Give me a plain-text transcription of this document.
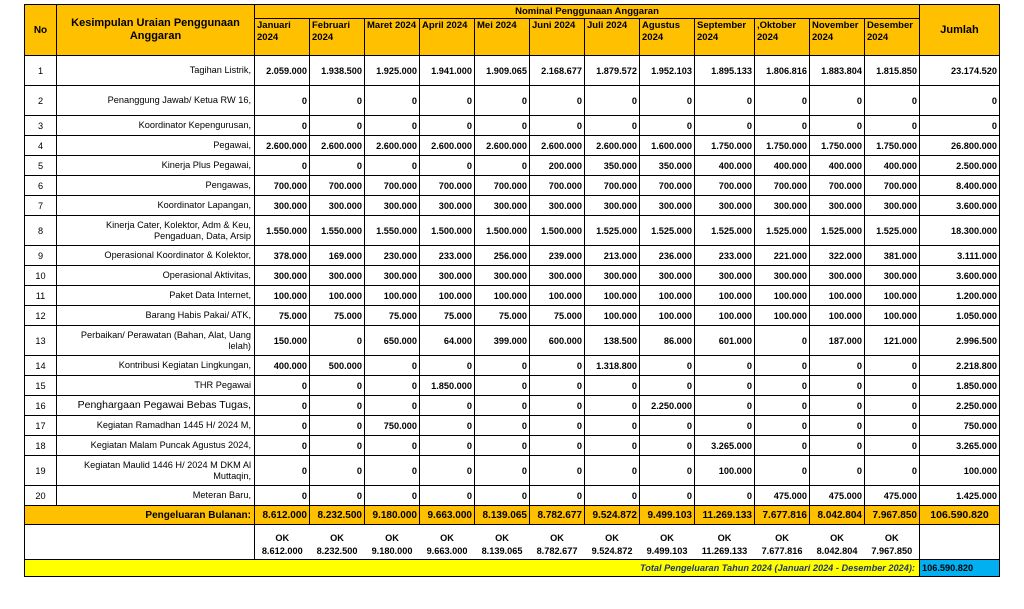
No	Kesimpulan Uraian Penggunaan Anggaran	Nominal Penggunaan Anggaran												Jumlah
		Januari 2024	Februari 2024	Maret 2024	April 2024	Mei 2024	Juni 2024	Juli 2024	Agustus 2024	September 2024	,Oktober 2024	November 2024	Desember 2024	
1	Tagihan Listrik,	2.059.000	1.938.500	1.925.000	1.941.000	1.909.065	2.168.677	1.879.572	1.952.103	1.895.133	1.806.816	1.883.804	1.815.850	23.174.520
2	Penanggung Jawab/ Ketua RW 16,	0	0	0	0	0	0	0	0	0	0	0	0	0
3	Koordinator Kepengurusan,	0	0	0	0	0	0	0	0	0	0	0	0	0
4	Pegawai,	2.600.000	2.600.000	2.600.000	2.600.000	2.600.000	2.600.000	2.600.000	1.600.000	1.750.000	1.750.000	1.750.000	1.750.000	26.800.000
5	Kinerja Plus Pegawai,	0	0	0	0	0	200.000	350.000	350.000	400.000	400.000	400.000	400.000	2.500.000
6	Pengawas,	700.000	700.000	700.000	700.000	700.000	700.000	700.000	700.000	700.000	700.000	700.000	700.000	8.400.000
7	Koordinator Lapangan,	300.000	300.000	300.000	300.000	300.000	300.000	300.000	300.000	300.000	300.000	300.000	300.000	3.600.000
8	Kinerja Cater, Kolektor, Adm & Keu, Pengaduan, Data, Arsip	1.550.000	1.550.000	1.550.000	1.500.000	1.500.000	1.500.000	1.525.000	1.525.000	1.525.000	1.525.000	1.525.000	1.525.000	18.300.000
9	Operasional Koordinator & Kolektor,	378.000	169.000	230.000	233.000	256.000	239.000	213.000	236.000	233.000	221.000	322.000	381.000	3.111.000
10	Operasional Aktivitas,	300.000	300.000	300.000	300.000	300.000	300.000	300.000	300.000	300.000	300.000	300.000	300.000	3.600.000
11	Paket Data Internet,	100.000	100.000	100.000	100.000	100.000	100.000	100.000	100.000	100.000	100.000	100.000	100.000	1.200.000
12	Barang Habis Pakai/ ATK,	75.000	75.000	75.000	75.000	75.000	75.000	100.000	100.000	100.000	100.000	100.000	100.000	1.050.000
13	Perbaikan/ Perawatan (Bahan, Alat, Uang lelah)	150.000	0	650.000	64.000	399.000	600.000	138.500	86.000	601.000	0	187.000	121.000	2.996.500
14	Kontribusi Kegiatan Lingkungan,	400.000	500.000	0	0	0	0	1.318.800	0	0	0	0	0	2.218.800
15	THR Pegawai	0	0	0	1.850.000	0	0	0	0	0	0	0	0	1.850.000
16	Penghargaan Pegawai Bebas Tugas,	0	0	0	0	0	0	0	2.250.000	0	0	0	0	2.250.000
17	Kegiatan Ramadhan 1445 H/ 2024 M,	0	0	750.000	0	0	0	0	0	0	0	0	0	750.000
18	Kegiatan Malam Puncak Agustus 2024,	0	0	0	0	0	0	0	0	3.265.000	0	0	0	3.265.000
19	Kegiatan Maulid 1446 H/ 2024 M DKM Al Muttaqin,	0	0	0	0	0	0	0	0	100.000	0	0	0	100.000
20	Meteran Baru,	0	0	0	0	0	0	0	0	0	475.000	475.000	475.000	1.425.000
Pengeluaran Bulanan:		8.612.000	8.232.500	9.180.000	9.663.000	8.139.065	8.782.677	9.524.872	9.499.103	11.269.133	7.677.816	8.042.804	7.967.850	106.590.820
		OK	OK	OK	OK	OK	OK	OK	OK	OK	OK	OK	OK	
		8.612.000	8.232.500	9.180.000	9.663.000	8.139.065	8.782.677	9.524.872	9.499.103	11.269.133	7.677.816	8.042.804	7.967.850	
Total Pengeluaran Tahun 2024 (Januari 2024 - Desember 2024):														106.590.820
